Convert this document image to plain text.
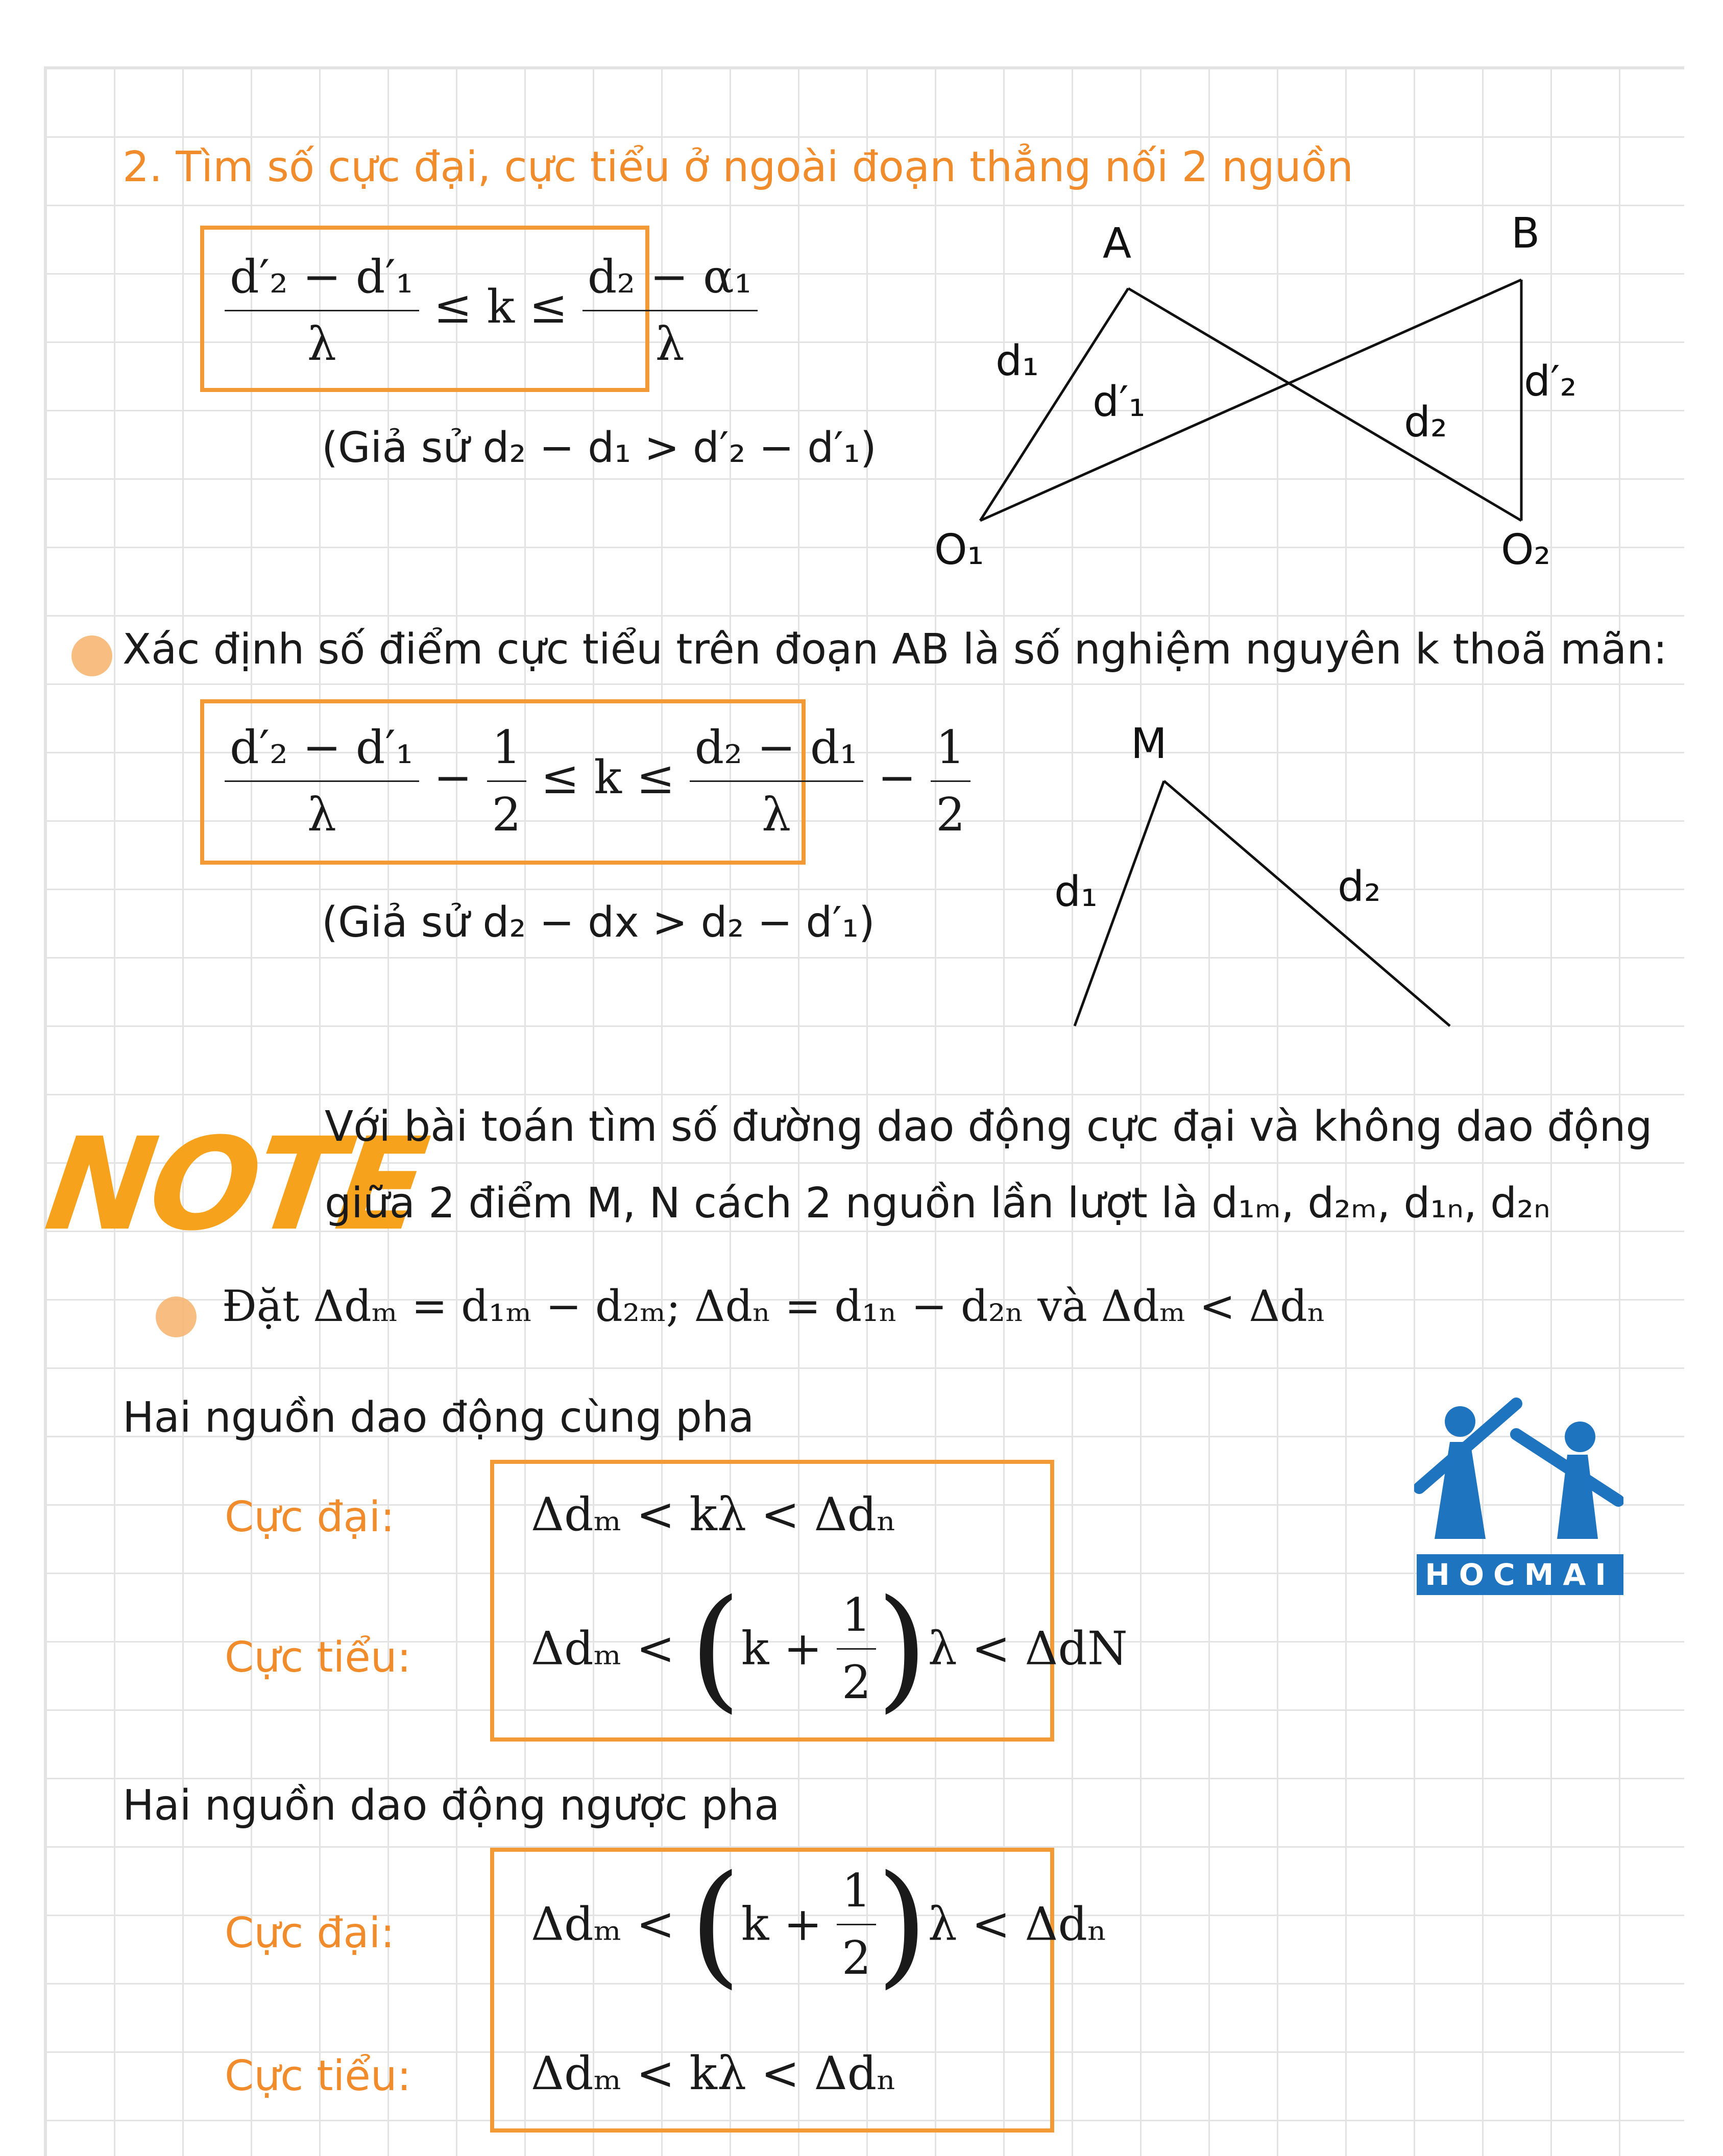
2. Tìm số cực đại, cực tiểu ở ngoài đoạn thẳng nối 2 nguồn
$\frac{\text{d′₂ − d′₁}}{\lambda} \le k \le \frac{\text{d₂ − α₁}}{\lambda}$
(Giả sử d₂ − d₁ > d′₂ − d′₁)
A	B
O₁	O₂
d₁
d′₁	d₂
d′₂
Xác định số điểm cực tiểu trên đoạn AB là số nghiệm nguyên k thoã mãn:
$\frac{\text{d′₂ − d′₁}}{\lambda} - \frac{1}{2} \le k \le \frac{\text{d₂ − d₁}}{\lambda} - \frac{1}{2}$
(Giả sử d₂ − dx > d₂ − d′₁)
M
d₁	d₂
NOTE
Với bài toán tìm số đường dao động cực đại và không dao động
giữa 2 điểm M, N cách 2 nguồn lần lượt là d₁ₘ, d₂ₘ, d₁ₙ, d₂ₙ
Đặt Δdₘ = d₁ₘ − d₂ₘ; Δdₙ = d₁ₙ − d₂ₙ và Δdₘ < Δdₙ
Hai nguồn dao động cùng pha
Cực đại:	Δdₘ < kλ < Δdₙ
Cực tiểu:	$\Delta d_m < (k + \frac{1}{2} )\lambda < \Delta dN$
Hai nguồn dao động ngược pha
Cực đại:	$\Delta d_m < (k + \frac{1}{2} )\lambda < \Delta d_n$
Cực tiểu:	Δdₘ < kλ < Δdₙ
HOCMAI
